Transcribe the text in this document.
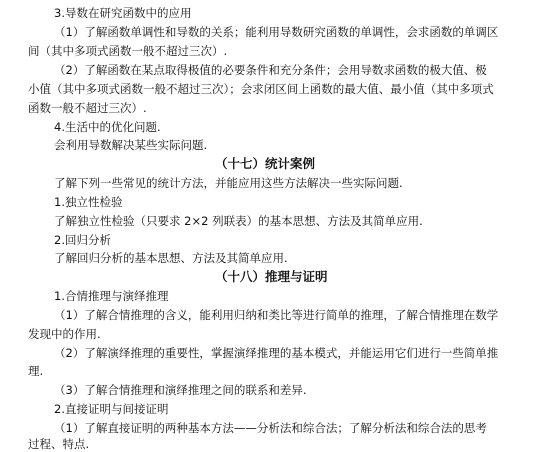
3.导数在研究函数中的应用
（1）了解函数单调性和导数的关系；能利用导数研究函数的单调性，会求函数的单调区
间（其中多项式函数一般不超过三次）.
（2）了解函数在某点取得极值的必要条件和充分条件；会用导数求函数的极大值、极
小值（其中多项式函数一般不超过三次）；会求闭区间上函数的最大值、最小值（其中多项式
函数一般不超过三次）.
4.生活中的优化问题.
会利用导数解决某些实际问题.
（十七）统计案例
了解下列一些常见的统计方法，并能应用这些方法解决一些实际问题.
1.独立性检验
了解独立性检验（只要求 2×2 列联表）的基本思想、方法及其简单应用.
2.回归分析
了解回归分析的基本思想、方法及其简单应用.
（十八）推理与证明
1.合情推理与演绎推理
（1）了解合情推理的含义，能利用归纳和类比等进行简单的推理，了解合情推理在数学
发现中的作用.
（2）了解演绎推理的重要性，掌握演绎推理的基本模式，并能运用它们进行一些简单推
理.
（3）了解合情推理和演绎推理之间的联系和差异.
2.直接证明与间接证明
（1）了解直接证明的两种基本方法——分析法和综合法；了解分析法和综合法的思考
过程、特点.
